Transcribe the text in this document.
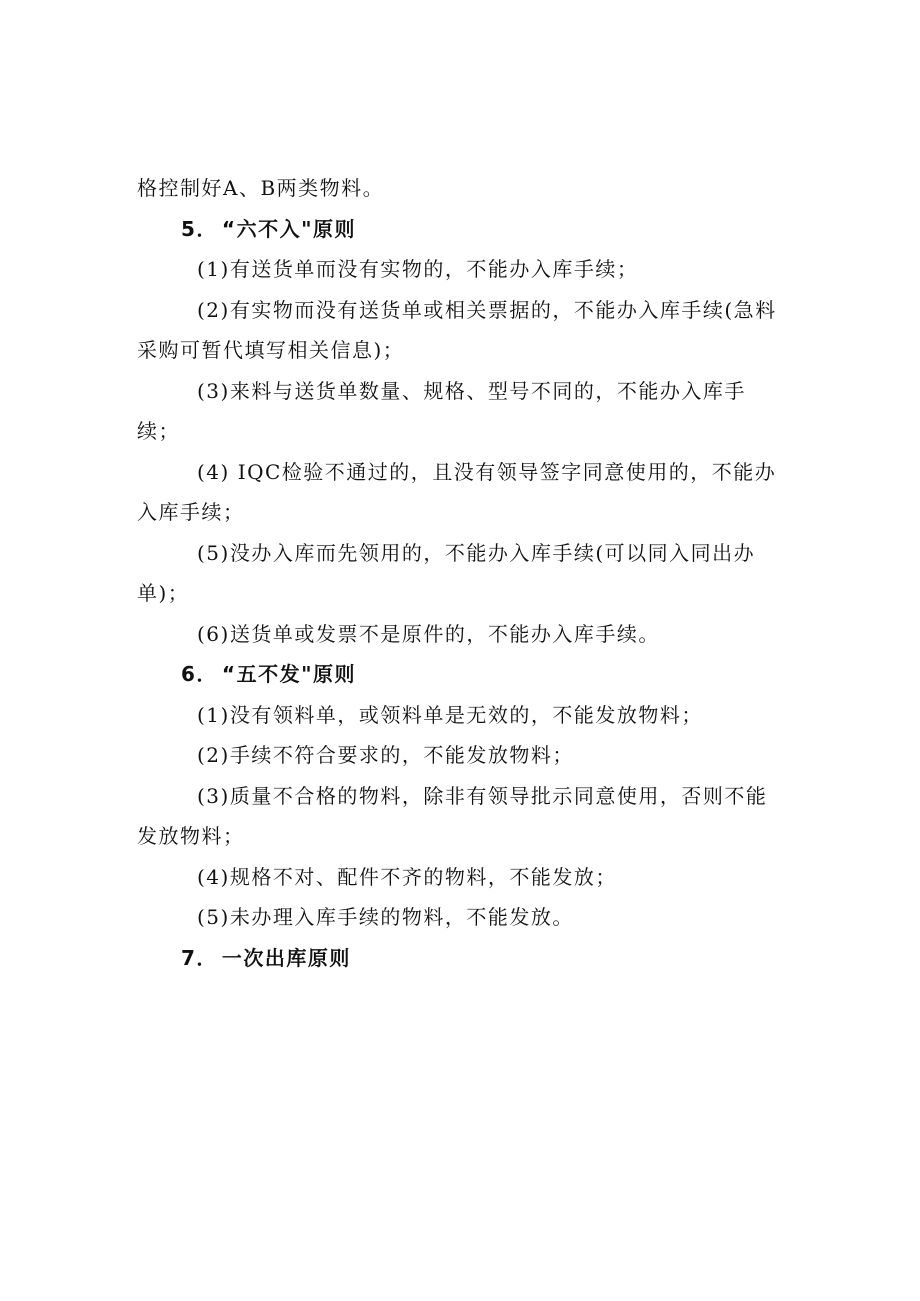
格控制好A、B两类物料。

5． “六不入"原则

(1)有送货单而没有实物的，不能办入库手续；

(2)有实物而没有送货单或相关票据的，不能办入库手续(急料采购可暂代填写相关信息)；

(3)来料与送货单数量、规格、型号不同的，不能办入库手续；

(4) IQC检验不通过的，且没有领导签字同意使用的，不能办入库手续；

(5)没办入库而先领用的，不能办入库手续(可以同入同出办单)；

(6)送货单或发票不是原件的，不能办入库手续。

6． “五不发"原则

(1)没有领料单，或领料单是无效的，不能发放物料；

(2)手续不符合要求的，不能发放物料；

(3)质量不合格的物料，除非有领导批示同意使用，否则不能发放物料；

(4)规格不对、配件不齐的物料，不能发放；

(5)未办理入库手续的物料，不能发放。

7． 一次出库原则
